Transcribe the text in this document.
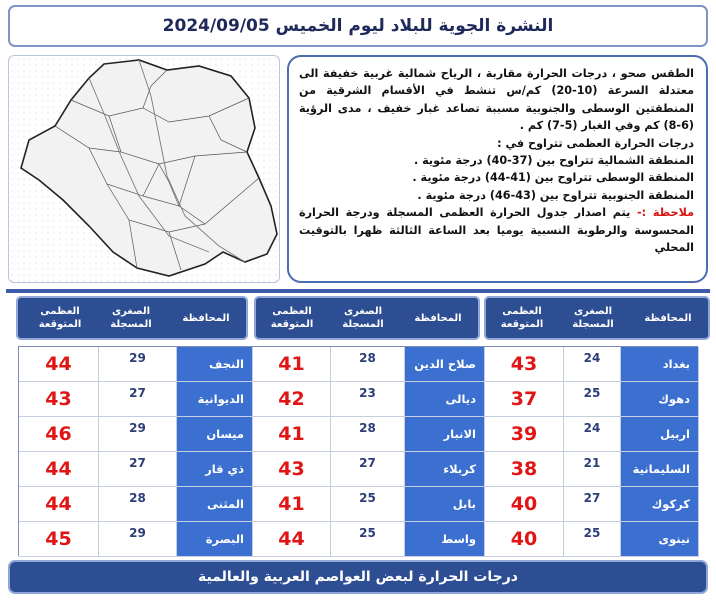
النشرة الجوية للبلاد ليوم الخميس 2024/09/05

الطقس صحو ، درجات الحرارة مقاربة ، الرياح شمالية غربية خفيفة الى معتدلة السرعة (10-20) كم/س تنشط في الأقسام الشرقية من المنطقتين الوسطى والجنوبية مسببة تصاعد غبار خفيف ، مدى الرؤية (6-8) كم وفي الغبار (5-7) كم .

درجات الحرارة العظمى تتراوح في :

المنطقة الشمالية تتراوح بين (37-40) درجة مئوية .

المنطقة الوسطى تتراوح بين (41-44) درجة مئوية .

المنطقة الجنوبية تتراوح بين (43-46) درجة مئوية .

ملاحظة :- يتم اصدار جدول الحرارة العظمى المسجلة ودرجة الحرارة المحسوسة والرطوبة النسبية يوميا بعد الساعة الثالثة ظهرا بالتوقيت المحلي

المحافظة
الصغرى المسجلة
العظمى المتوقعة
المحافظة
الصغرى المسجلة
العظمى المتوقعة
المحافظة
الصغرى المسجلة
العظمى المتوقعة
بغداد
24
43
صلاح الدين
28
41
النجف
29
44
دهوك
25
37
ديالى
23
42
الديوانية
27
43
اربيل
24
39
الانبار
28
41
ميسان
29
46
السليمانية
21
38
كربلاء
27
43
ذي قار
27
44
كركوك
27
40
بابل
25
41
المثنى
28
44
نينوى
25
40
واسط
25
44
البصرة
29
45
درجات الحرارة لبعض العواصم العربية والعالمية
